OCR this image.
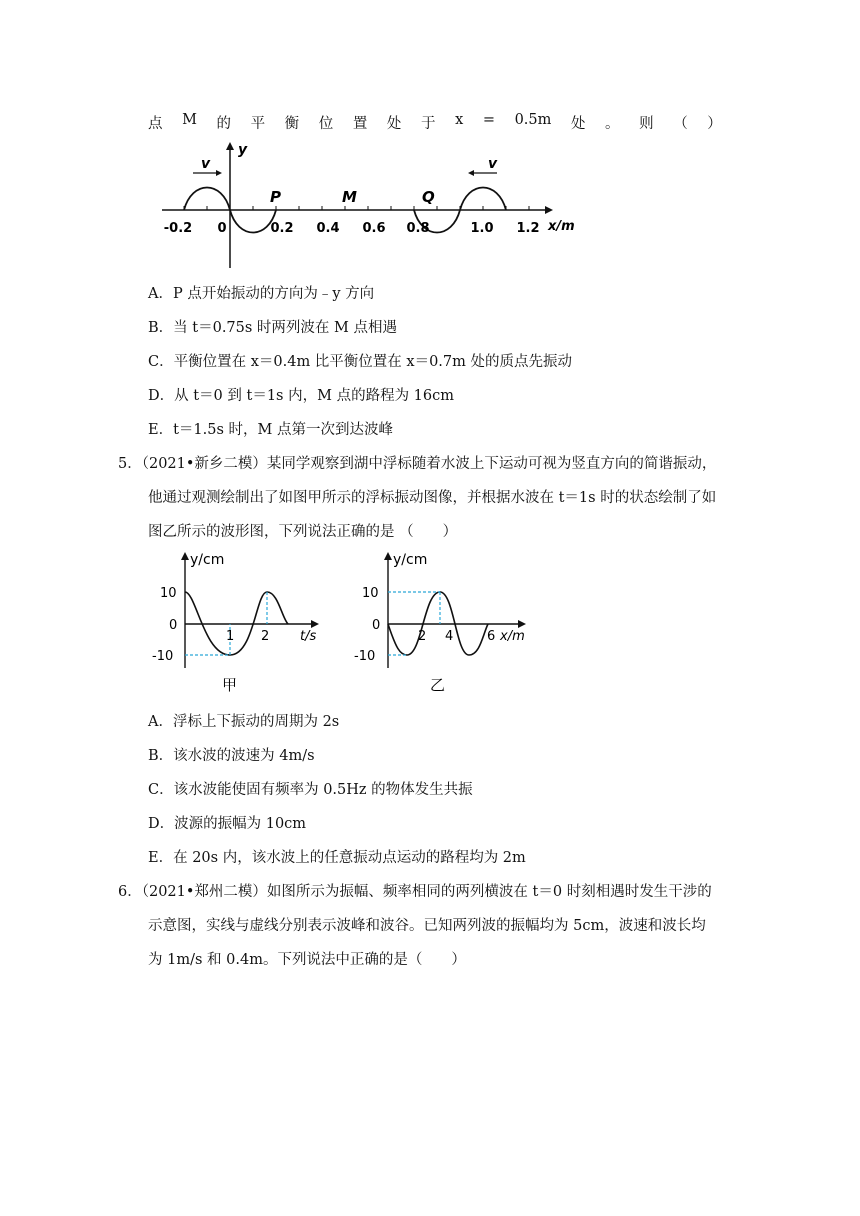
点 M 的 平 衡 位 置 处 于 x = 0.5m 处 。 则 （ ）
v	v
y
x/m
P	M	Q
-0.2 0	0.2 0.4 0.6 0.8	1.0 1.2
A．P 点开始振动的方向为﹣y 方向
B．当 t＝0.75s 时两列波在 M 点相遇
C．平衡位置在 x＝0.4m 比平衡位置在 x＝0.7m 处的质点先振动
D．从 t＝0 到 t＝1s 内，M 点的路程为 16cm
E．t＝1.5s 时，M 点第一次到达波峰
5．（2021•新乡二模）某同学观察到湖中浮标随着水波上下运动可视为竖直方向的简谐振动，
他通过观测绘制出了如图甲所示的浮标振动图像，并根据水波在 t＝1s 时的状态绘制了如
图乙所示的波形图，下列说法正确的是 （　　）
y/cm
10
0
-10
1 2 t/s
甲
y/cm
10
0
-10
2 4	6 x/m
乙
A．浮标上下振动的周期为 2s
B．该水波的波速为 4m/s
C．该水波能使固有频率为 0.5Hz 的物体发生共振
D．波源的振幅为 10cm
E．在 20s 内，该水波上的任意振动点运动的路程均为 2m
6．（2021•郑州二模）如图所示为振幅、频率相同的两列横波在 t＝0 时刻相遇时发生干涉的
示意图，实线与虚线分别表示波峰和波谷。已知两列波的振幅均为 5cm，波速和波长均
为 1m/s 和 0.4m。下列说法中正确的是（　　）
